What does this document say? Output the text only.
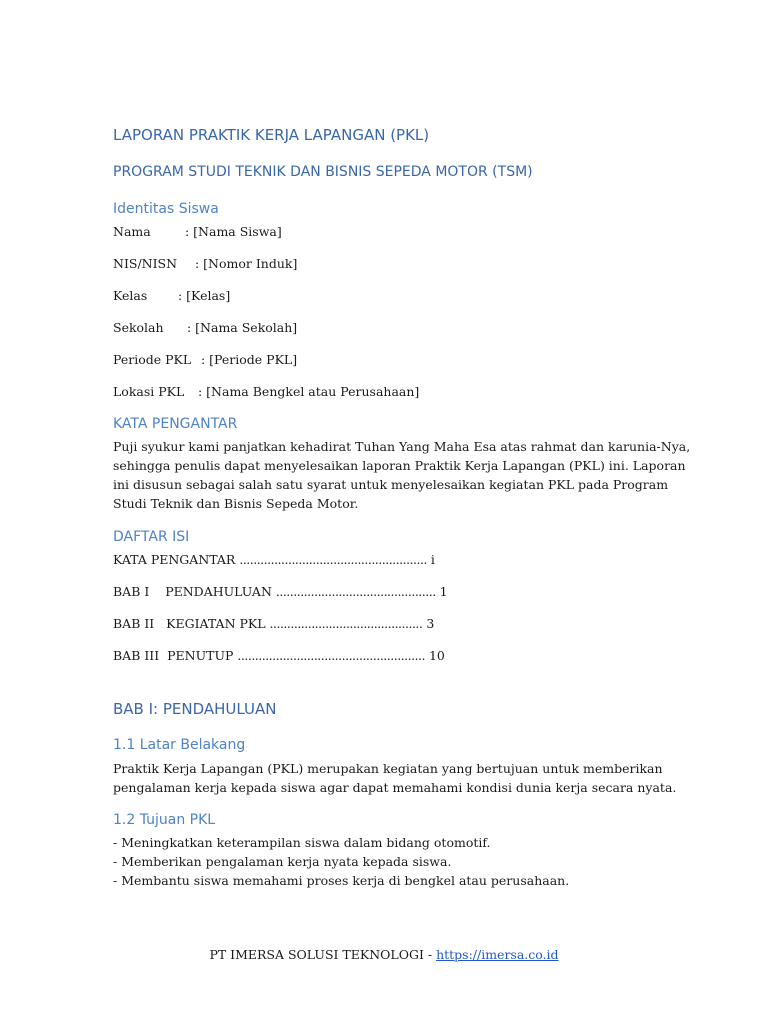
LAPORAN PRAKTIK KERJA LAPANGAN (PKL)
PROGRAM STUDI TEKNIK DAN BISNIS SEPEDA MOTOR (TSM)
Identitas Siswa

Nama	: [Nama Siswa]

NIS/NISN : [Nomor Induk]

Kelas : [Kelas]

Sekolah : [Nama Sekolah]

Periode PKL : [Periode PKL]

Lokasi PKL : [Nama Bengkel atau Perusahaan]

KATA PENGANTAR

Puji syukur kami panjatkan kehadirat Tuhan Yang Maha Esa atas rahmat dan karunia-Nya,

sehingga penulis dapat menyelesaikan laporan Praktik Kerja Lapangan (PKL) ini. Laporan

ini disusun sebagai salah satu syarat untuk menyelesaikan kegiatan PKL pada Program

Studi Teknik dan Bisnis Sepeda Motor.

DAFTAR ISI

KATA PENGANTAR ...................................................... i

BAB I    PENDAHULUAN .............................................. 1

BAB II   KEGIATAN PKL ............................................ 3

BAB III  PENUTUP ...................................................... 10

BAB I: PENDAHULUAN
1.1 Latar Belakang

Praktik Kerja Lapangan (PKL) merupakan kegiatan yang bertujuan untuk memberikan

pengalaman kerja kepada siswa agar dapat memahami kondisi dunia kerja secara nyata.

1.2 Tujuan PKL

- Meningkatkan keterampilan siswa dalam bidang otomotif.

- Memberikan pengalaman kerja nyata kepada siswa.

- Membantu siswa memahami proses kerja di bengkel atau perusahaan.

PT IMERSA SOLUSI TEKNOLOGI - https://imersa.co.id
